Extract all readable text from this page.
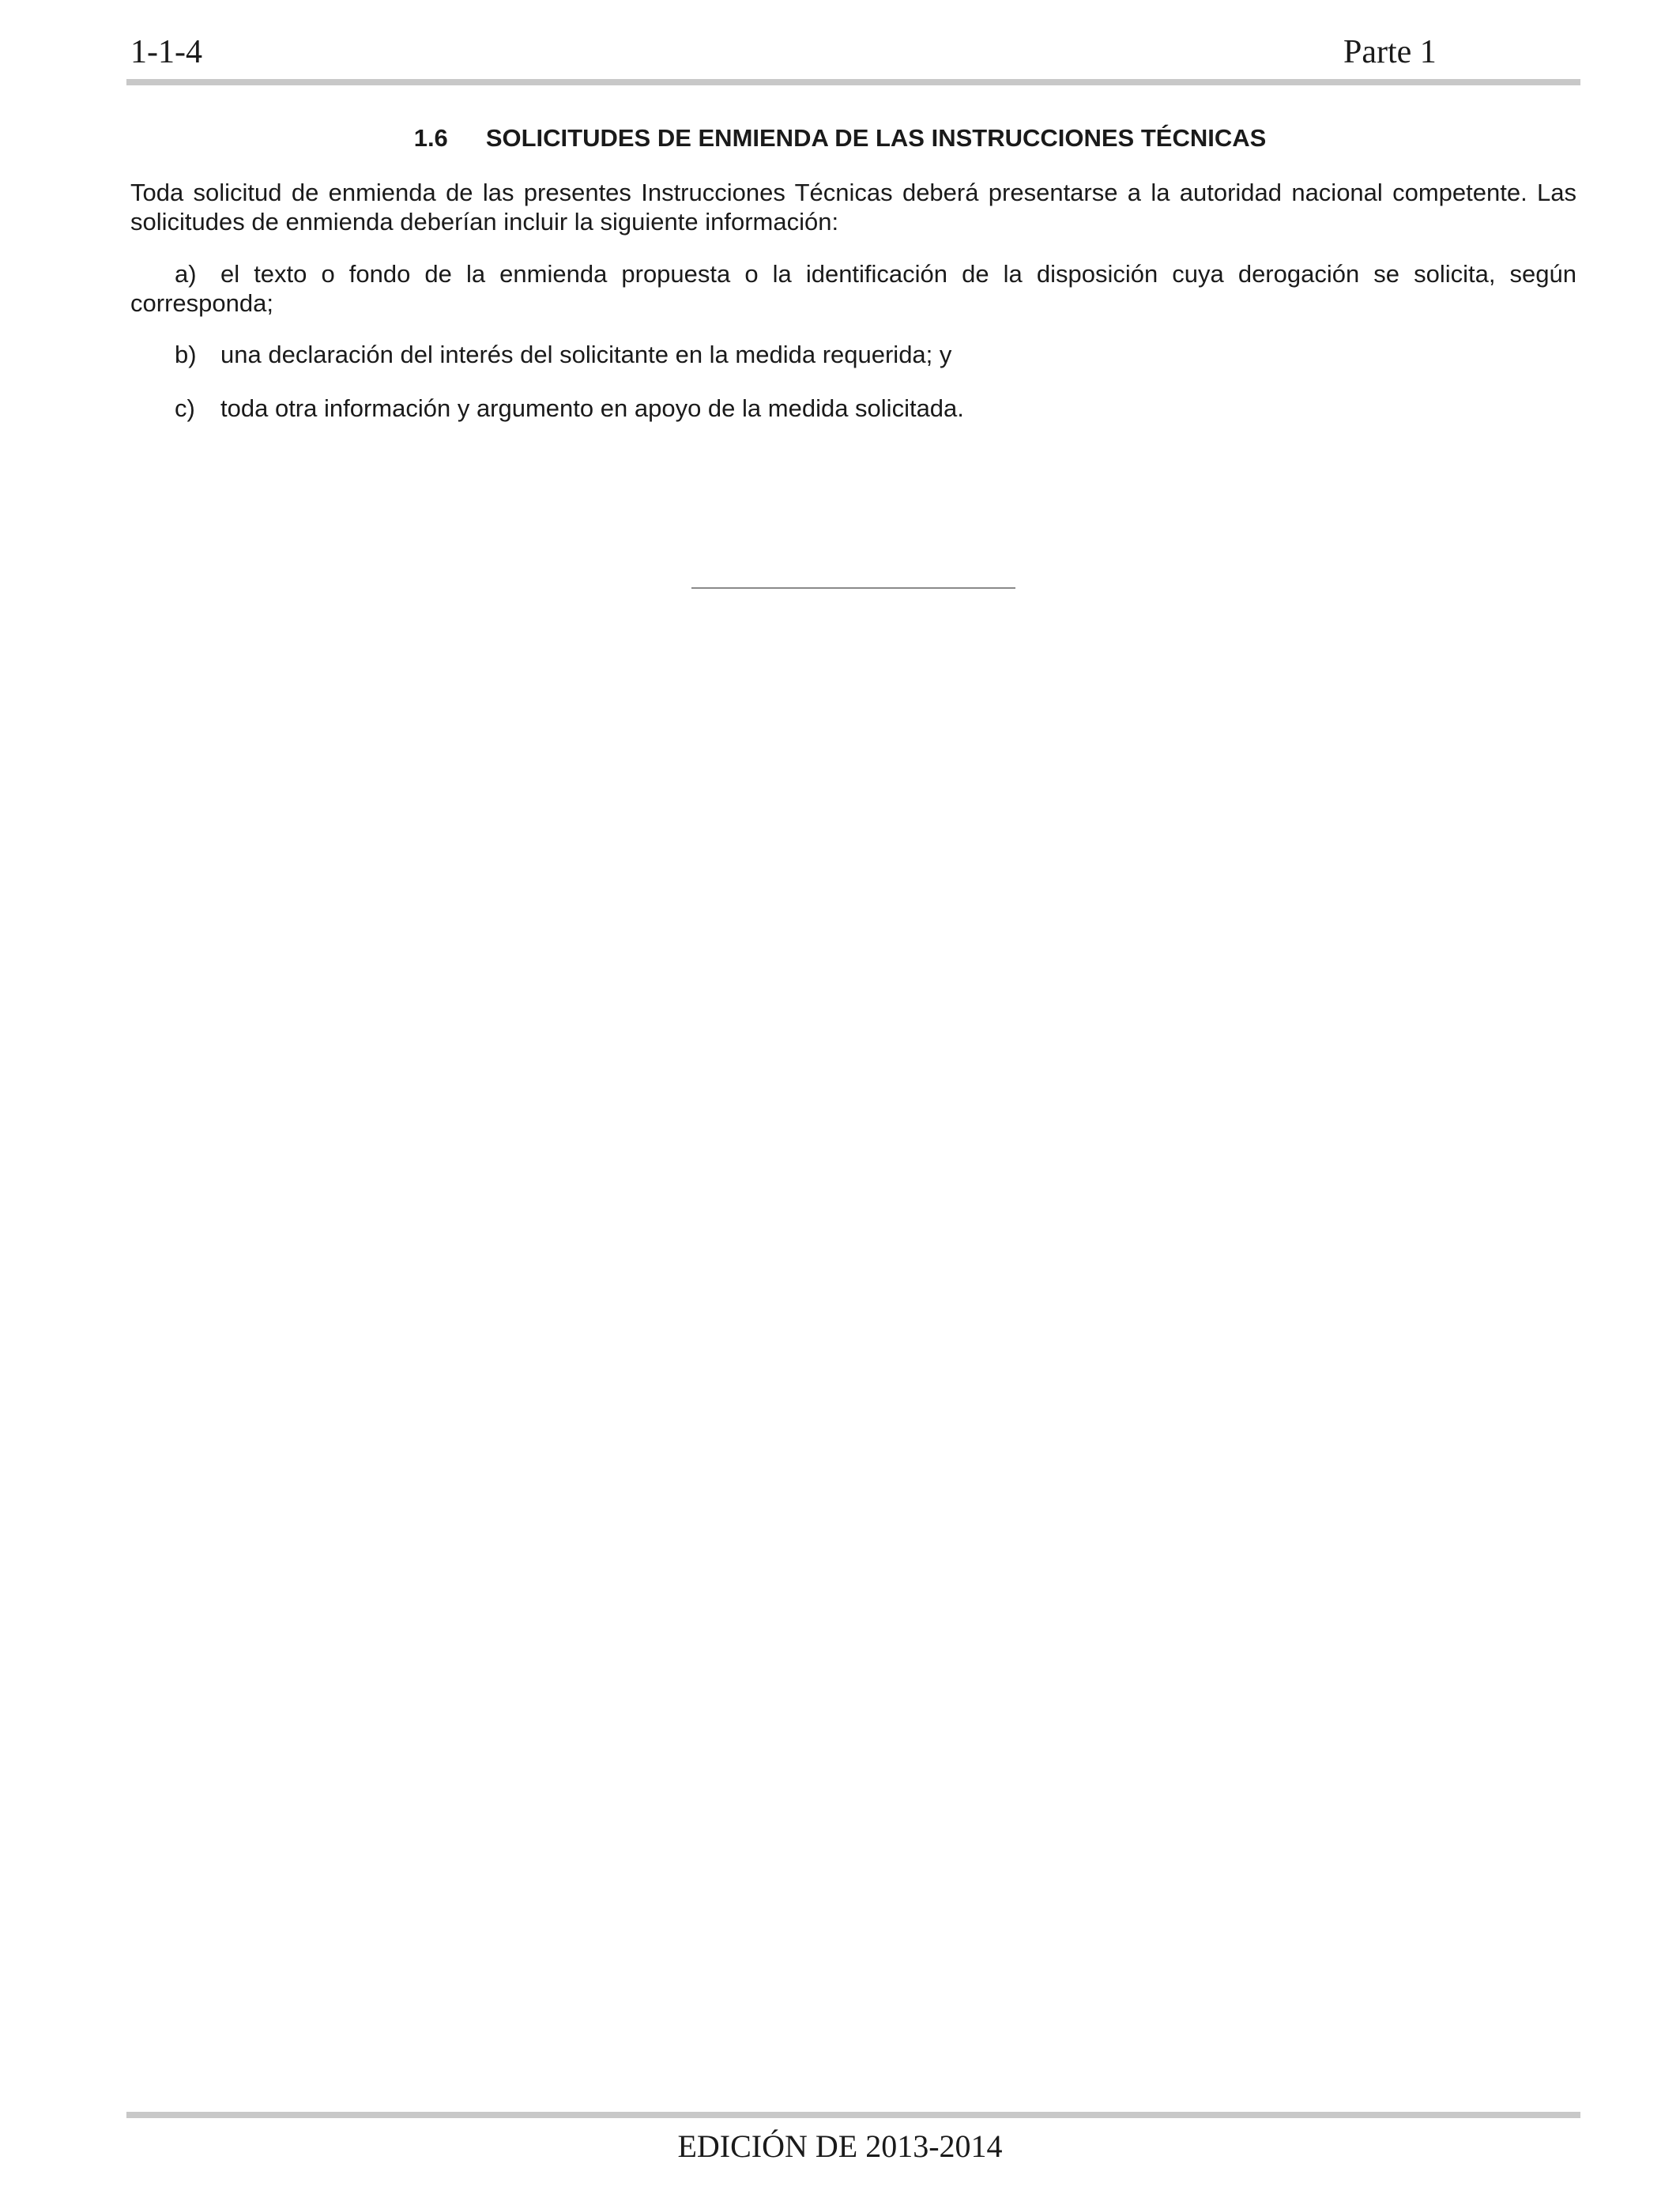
1-1-4	Parte 1
1.6 SOLICITUDES DE ENMIENDA DE LAS INSTRUCCIONES TÉCNICAS
Toda solicitud de enmienda de las presentes Instrucciones Técnicas deberá presentarse a la autoridad nacional competente. Las solicitudes de enmienda deberían incluir la siguiente información:
a) el texto o fondo de la enmienda propuesta o la identificación de la disposición cuya derogación se solicita, según corresponda;
b) una declaración del interés del solicitante en la medida requerida; y
c) toda otra información y argumento en apoyo de la medida solicitada.
EDICIÓN DE 2013-2014
